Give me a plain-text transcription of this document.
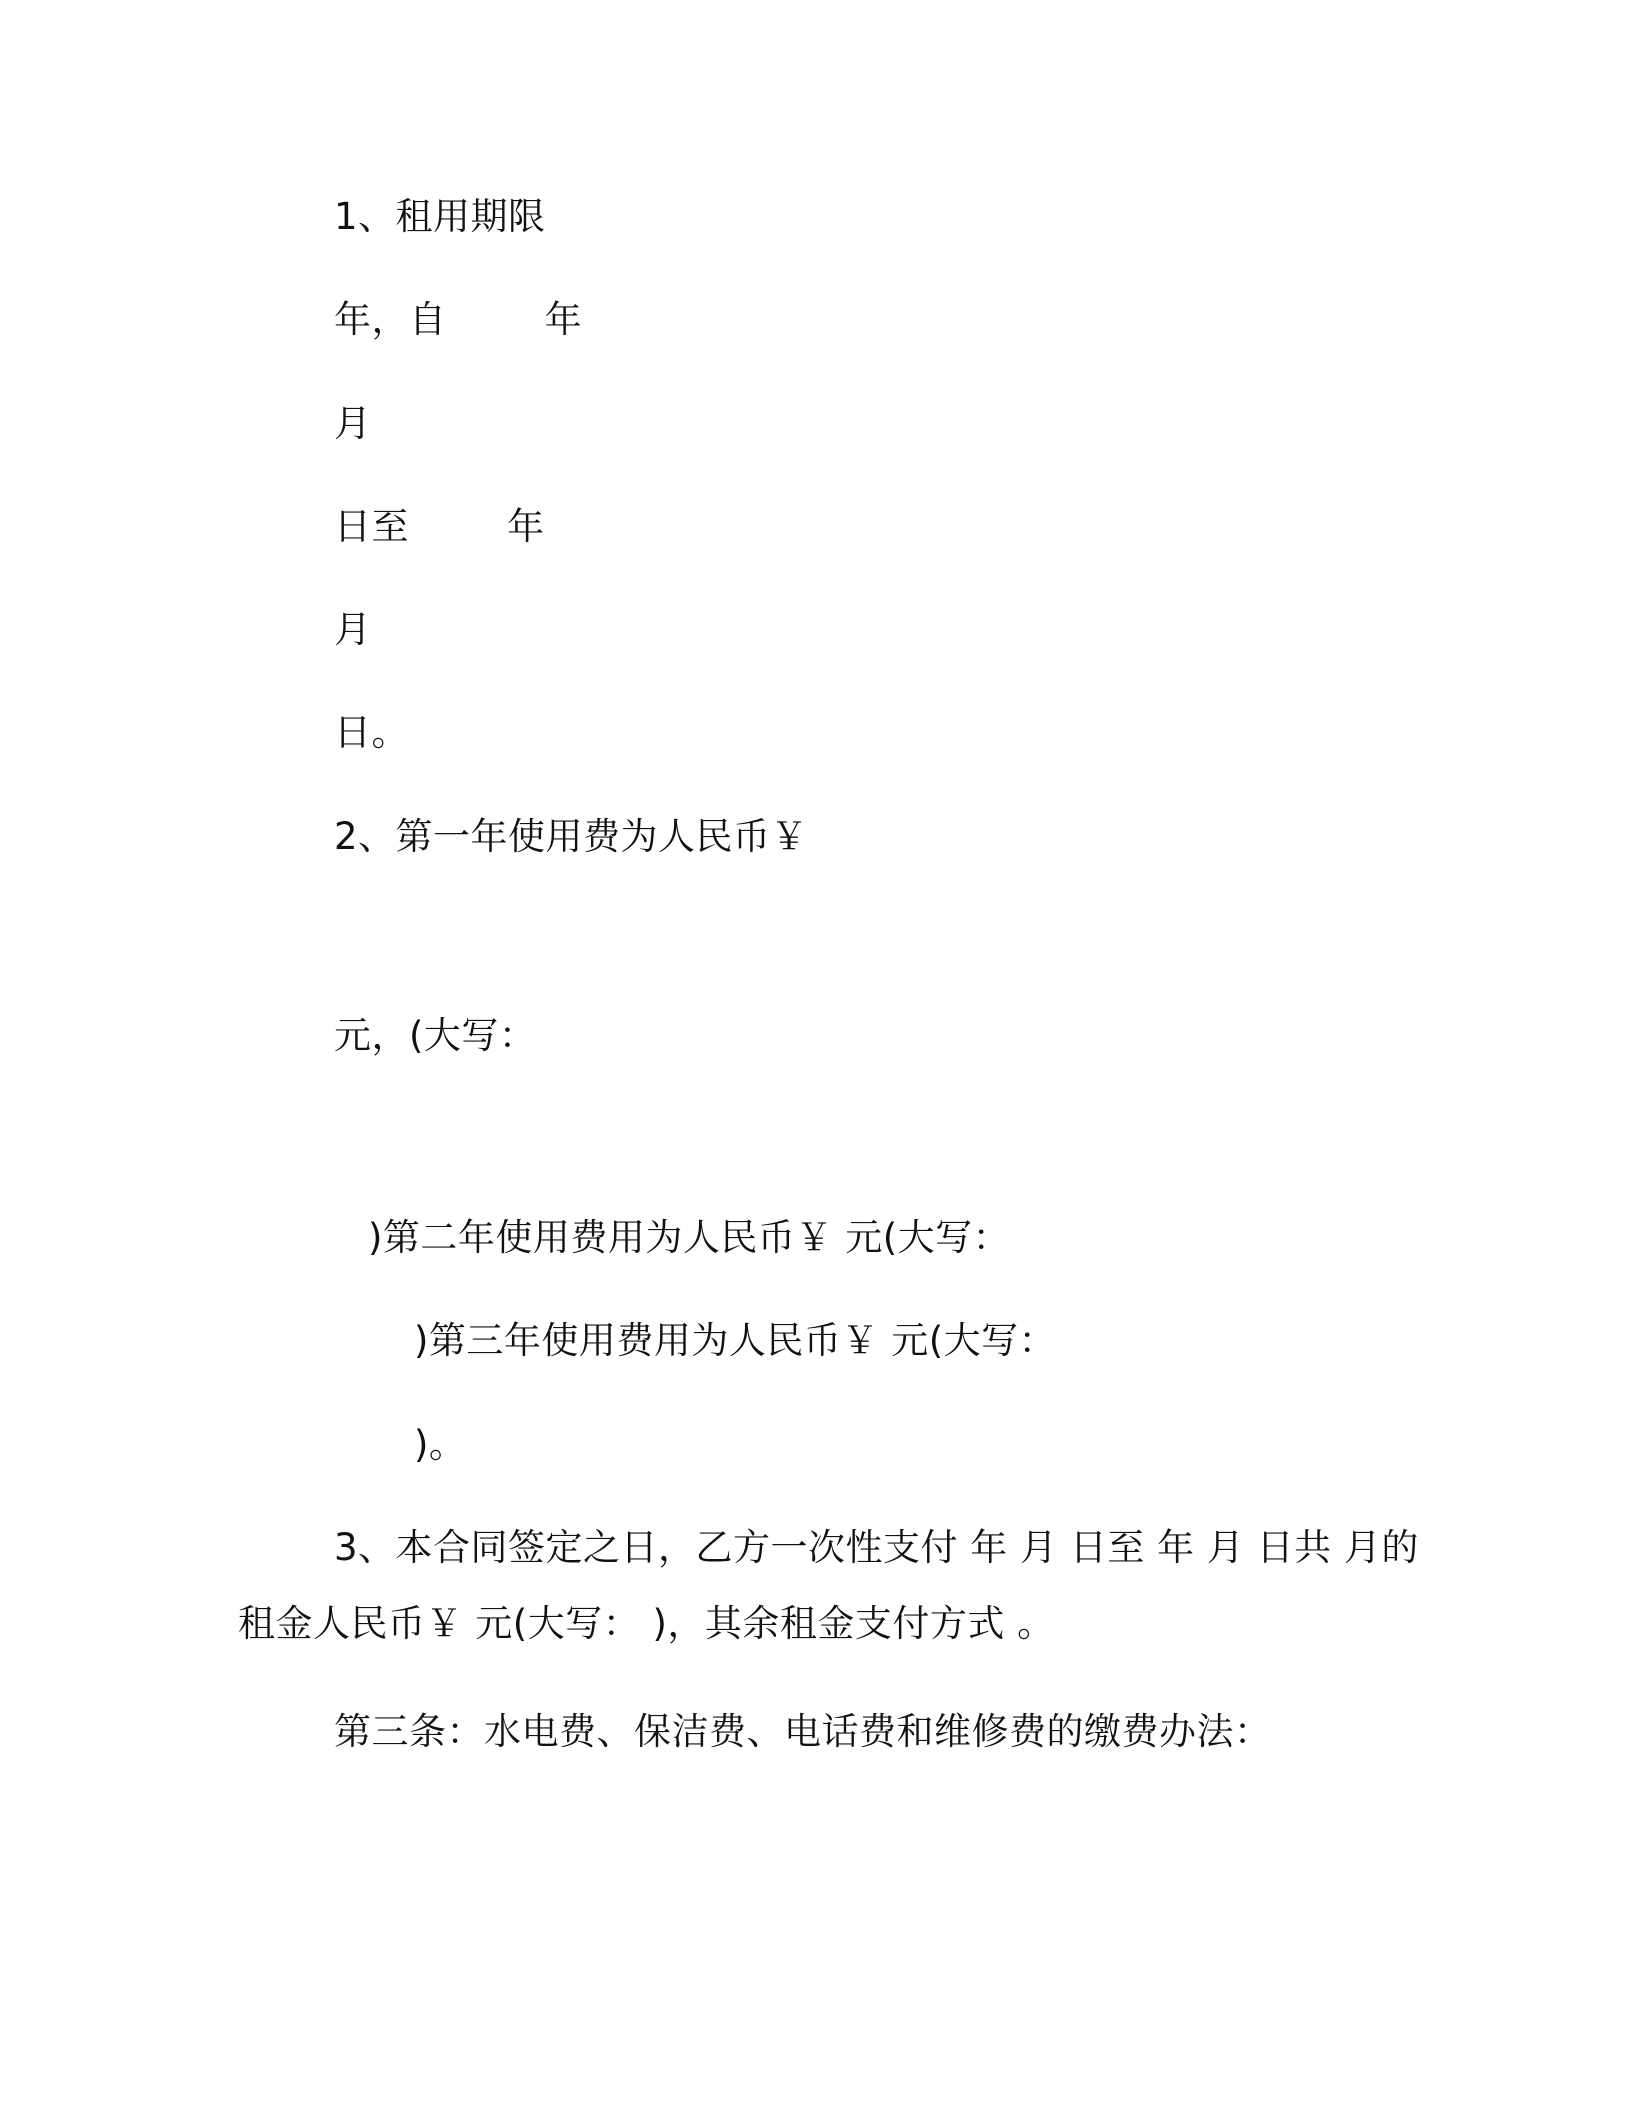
1、租用期限
年，自        年
月
日至        年
月
日。
2、第一年使用费为人民币￥
元，(大写：
)第二年使用费用为人民币￥ 元(大写：
)第三年使用费用为人民币￥ 元(大写：
)。
3、本合同签定之日，乙方一次性支付 年 月 日至 年 月 日共 月的
租金人民币￥ 元(大写： )，其余租金支付方式 。
第三条：水电费、保洁费、电话费和维修费的缴费办法：
